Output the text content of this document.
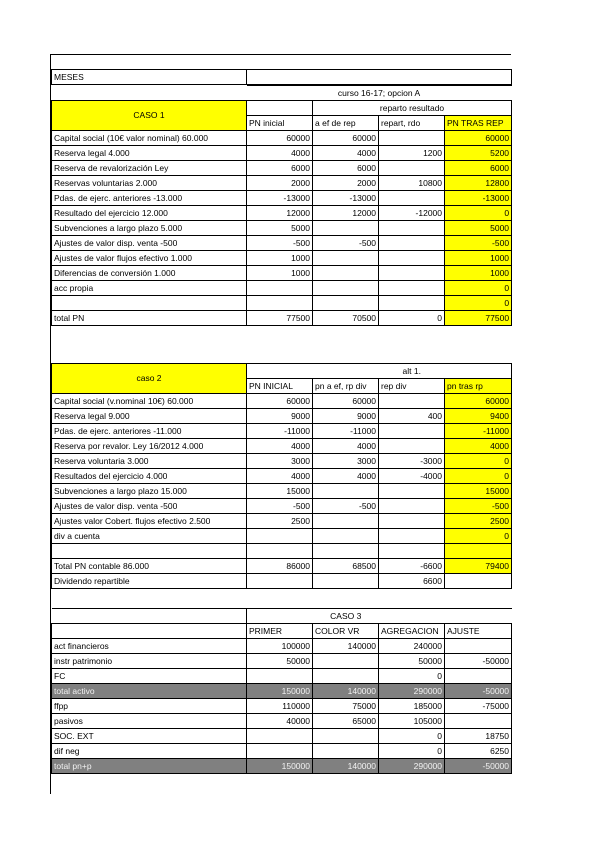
MESES	
	curso 16-17; opcion A			
CASO 1		reparto resultado		
	PN inicial	a ef de rep	repart, rdo	PN TRAS REP
Capital social (10€ valor nominal) 60.000	60000	60000		60000
Reserva legal 4.000	4000	4000	1200	5200
Reserva de revalorización Ley	6000	6000		6000
Reservas voluntarias 2.000	2000	2000	10800	12800
Pdas. de ejerc. anteriores -13.000	-13000	-13000		-13000
Resultado del ejercicio 12.000	12000	12000	-12000	0
Subvenciones a largo plazo 5.000	5000			5000
Ajustes de valor disp. venta -500	-500	-500		-500
Ajustes de valor flujos efectivo 1.000	1000			1000
Diferencias de conversión 1.000	1000			1000
acc propia				0
				0
total PN	77500	70500	0	77500
caso 2		alt 1.		
	PN INICIAL	pn a ef, rp div	rep div	pn tras rp
Capital social (v.nominal 10€) 60.000	60000	60000		60000
Reserva legal 9.000	9000	9000	400	9400
Pdas. de ejerc. anteriores -11.000	-11000	-11000		-11000
Reserva por revalor. Ley 16/2012 4.000	4000	4000		4000
Reserva voluntaria 3.000	3000	3000	-3000	0
Resultados del ejercicio 4.000	4000	4000	-4000	0
Subvenciones a largo plazo 15.000	15000			15000
Ajustes de valor disp. venta -500	-500	-500		-500
Ajustes valor Cobert. flujos efectivo 2.500	2500			2500
div a cuenta				0

Total PN contable 86.000	86000	68500	-6600	79400
Dividendo repartible			6600	
	CASO 3			
	PRIMER	COLOR VR	AGREGACION	AJUSTE
act financieros	100000	140000	240000	
instr patrimonio	50000		50000	-50000
FC			0	
total activo	150000	140000	290000	-50000
ffpp	110000	75000	185000	-75000
pasivos	40000	65000	105000	
SOC. EXT			0	18750
dif neg			0	6250
total pn+p	150000	140000	290000	-50000
